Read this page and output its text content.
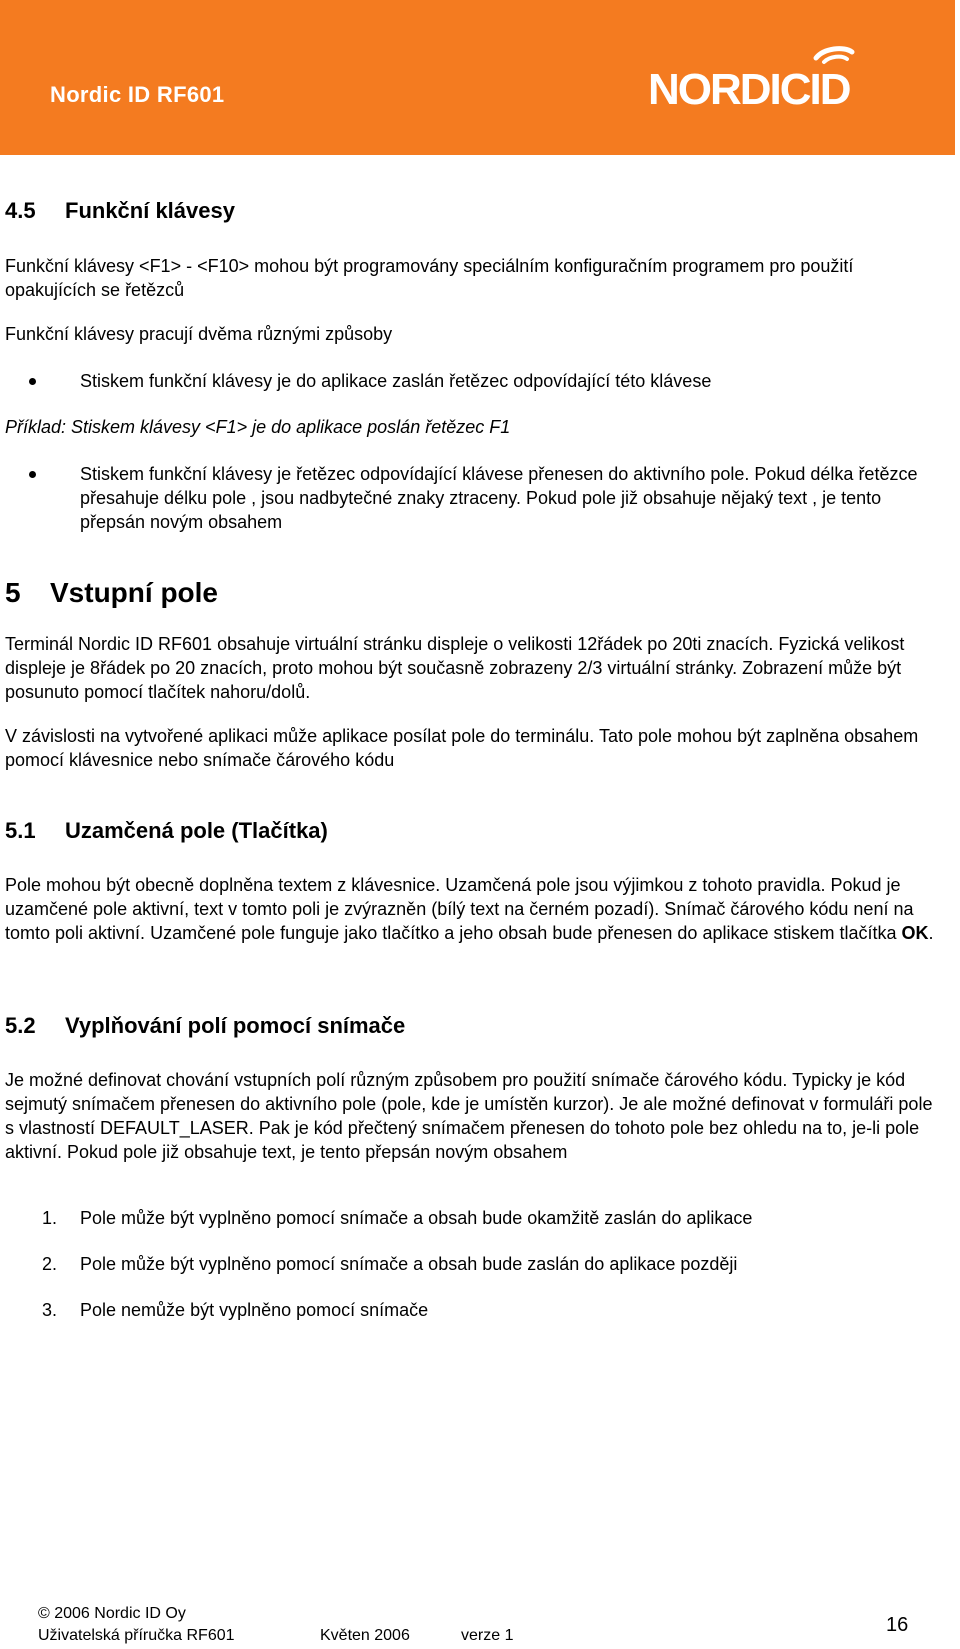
Nordic ID RF601	NORDICID
4.5 Funkční klávesy
Funkční klávesy <F1> - <F10> mohou být programovány speciálním konfiguračním programem pro použití opakujících se řetězců
Funkční klávesy pracují dvěma různými způsoby
Stiskem funkční klávesy je do aplikace zaslán řetězec odpovídající této klávese
Příklad: Stiskem klávesy <F1> je do aplikace poslán řetězec F1
Stiskem funkční klávesy je řetězec odpovídající klávese přenesen do aktivního pole. Pokud délka řetězce přesahuje délku pole , jsou nadbytečné znaky ztraceny. Pokud pole již obsahuje nějaký text , je tento přepsán novým obsahem
5 Vstupní pole
Terminál Nordic ID RF601 obsahuje virtuální stránku displeje o velikosti 12řádek po 20ti znacích. Fyzická velikost displeje je 8řádek po 20 znacích, proto mohou být současně zobrazeny 2/3 virtuální stránky. Zobrazení může být posunuto pomocí tlačítek nahoru/dolů.
V závislosti na vytvořené aplikaci může aplikace posílat pole do terminálu. Tato pole mohou být zaplněna obsahem pomocí klávesnice nebo snímače čárového kódu
5.1 Uzamčená pole (Tlačítka)
Pole mohou být obecně doplněna textem z klávesnice. Uzamčená pole jsou výjimkou z tohoto pravidla. Pokud je uzamčené pole aktivní, text v tomto poli je zvýrazněn (bílý text na černém pozadí). Snímač čárového kódu není na tomto poli aktivní. Uzamčené pole funguje jako tlačítko a jeho obsah bude přenesen do aplikace stiskem tlačítka OK.
5.2 Vyplňování polí pomocí snímače
Je možné definovat chování vstupních polí různým způsobem pro použití snímače čárového kódu. Typicky je kód sejmutý snímačem přenesen do aktivního pole (pole, kde je umístěn kurzor). Je ale možné definovat v formuláři pole s vlastností DEFAULT_LASER. Pak je kód přečtený snímačem přenesen do tohoto pole bez ohledu na to, je-li pole aktivní. Pokud pole již obsahuje text, je tento přepsán novým obsahem
1. Pole může být vyplněno pomocí snímače a obsah bude okamžitě zaslán do aplikace
2. Pole může být vyplněno pomocí snímače a obsah bude zaslán do aplikace později
3. Pole nemůže být vyplněno pomocí snímače
© 2006 Nordic ID Oy
Uživatelská příručka RF601	Květen 2006	verze 1	16
